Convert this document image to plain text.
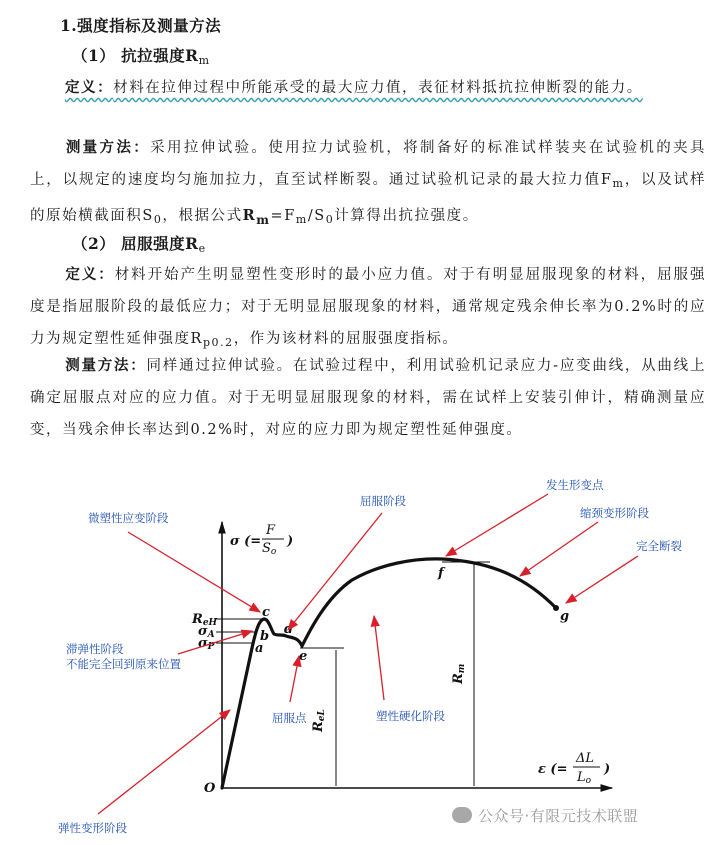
1.强度指标及测量方法
（1） 抗拉强度$R_m$
定义：材料在拉伸过程中所能承受的最大应力值，表征材料抵抗拉伸断裂的能力。
测量方法：采用拉伸试验。使用拉力试验机，将制备好的标准试样装夹在试验机的夹具上，以规定的速度均匀施加拉力，直至试样断裂。通过试验机记录的最大拉力值$F_m$，以及试样的原始横截面积$S_0$，根据公式$R_m=F_m/S_0$计算得出抗拉强度。
（2） 屈服强度$R_e$
定义：材料开始产生明显塑性变形时的最小应力值。对于有明显屈服现象的材料，屈服强度是指屈服阶段的最低应力；对于无明显屈服现象的材料，通常规定残余伸长率为0.2%时的应力为规定塑性延伸强度$R_{p0.2}$，作为该材料的屈服强度指标。
测量方法：同样通过拉伸试验。在试验过程中，利用试验机记录应力-应变曲线，从曲线上确定屈服点对应的应力值。对于无明显屈服现象的材料，需在试样上安装引伸计，精确测量应变，当残余伸长率达到0.2%时，对应的应力即为规定塑性延伸强度。
σ (=
F
So
)
ε (=
ΔL
Lo
)
O
ReH
σA
σP
ReL
Rm
a
b
c
d
e
f
g
微塑性应变阶段
屈服阶段
发生形变点
缩颈变形阶段
完全断裂
滞弹性阶段
不能完全回到原来位置
屈服点	塑性硬化阶段
弹性变形阶段
公众号·有限元技术联盟
